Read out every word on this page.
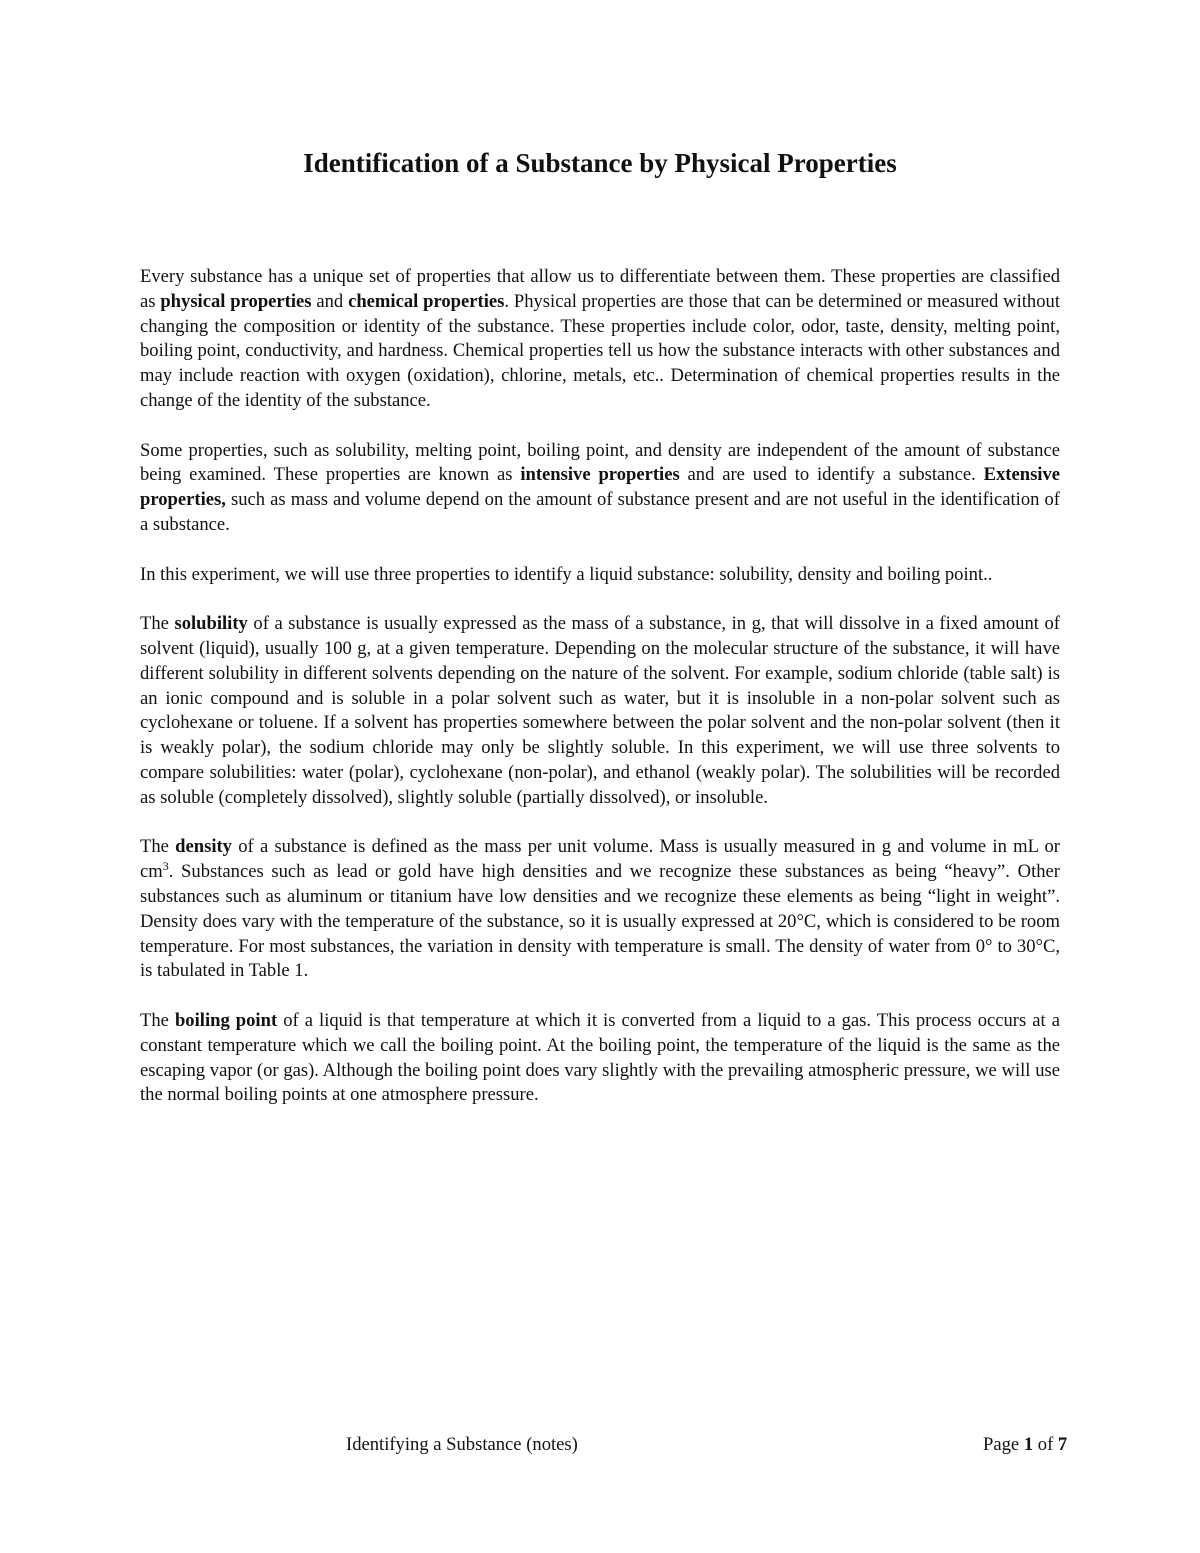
Identification of a Substance by Physical Properties

Every substance has a unique set of properties that allow us to differentiate between them. These properties are classified as physical properties and chemical properties. Physical properties are those that can be determined or measured without changing the composition or identity of the substance. These properties include color, odor, taste, density, melting point, boiling point, conductivity, and hardness. Chemical properties tell us how the substance interacts with other substances and may include reaction with oxygen (oxidation), chlorine, metals, etc.. Determination of chemical properties results in the change of the identity of the substance.

Some properties, such as solubility, melting point, boiling point, and density are independent of the amount of substance being examined. These properties are known as intensive properties and are used to identify a substance. Extensive properties, such as mass and volume depend on the amount of substance present and are not useful in the identification of a substance.

In this experiment, we will use three properties to identify a liquid substance: solubility, density and boiling point..

The solubility of a substance is usually expressed as the mass of a substance, in g, that will dissolve in a fixed amount of solvent (liquid), usually 100 g, at a given temperature. Depending on the molecular structure of the substance, it will have different solubility in different solvents depending on the nature of the solvent. For example, sodium chloride (table salt) is an ionic compound and is soluble in a polar solvent such as water, but it is insoluble in a non-polar solvent such as cyclohexane or toluene. If a solvent has properties somewhere between the polar solvent and the non-polar solvent (then it is weakly polar), the sodium chloride may only be slightly soluble. In this experiment, we will use three solvents to compare solubilities: water (polar), cyclohexane (non-polar), and ethanol (weakly polar). The solubilities will be recorded as soluble (completely dissolved), slightly soluble (partially dissolved), or insoluble.

The density of a substance is defined as the mass per unit volume. Mass is usually measured in g and volume in mL or $cm^3$. Substances such as lead or gold have high densities and we recognize these substances as being “heavy”. Other substances such as aluminum or titanium have low densities and we recognize these elements as being “light in weight”. Density does vary with the temperature of the substance, so it is usually expressed at 20°C, which is considered to be room temperature. For most substances, the variation in density with temperature is small. The density of water from 0° to 30°C, is tabulated in Table 1.

The boiling point of a liquid is that temperature at which it is converted from a liquid to a gas. This process occurs at a constant temperature which we call the boiling point. At the boiling point, the temperature of the liquid is the same as the escaping vapor (or gas). Although the boiling point does vary slightly with the prevailing atmospheric pressure, we will use the normal boiling points at one atmosphere pressure.

Identifying a Substance (notes)	Page 1 of 7
